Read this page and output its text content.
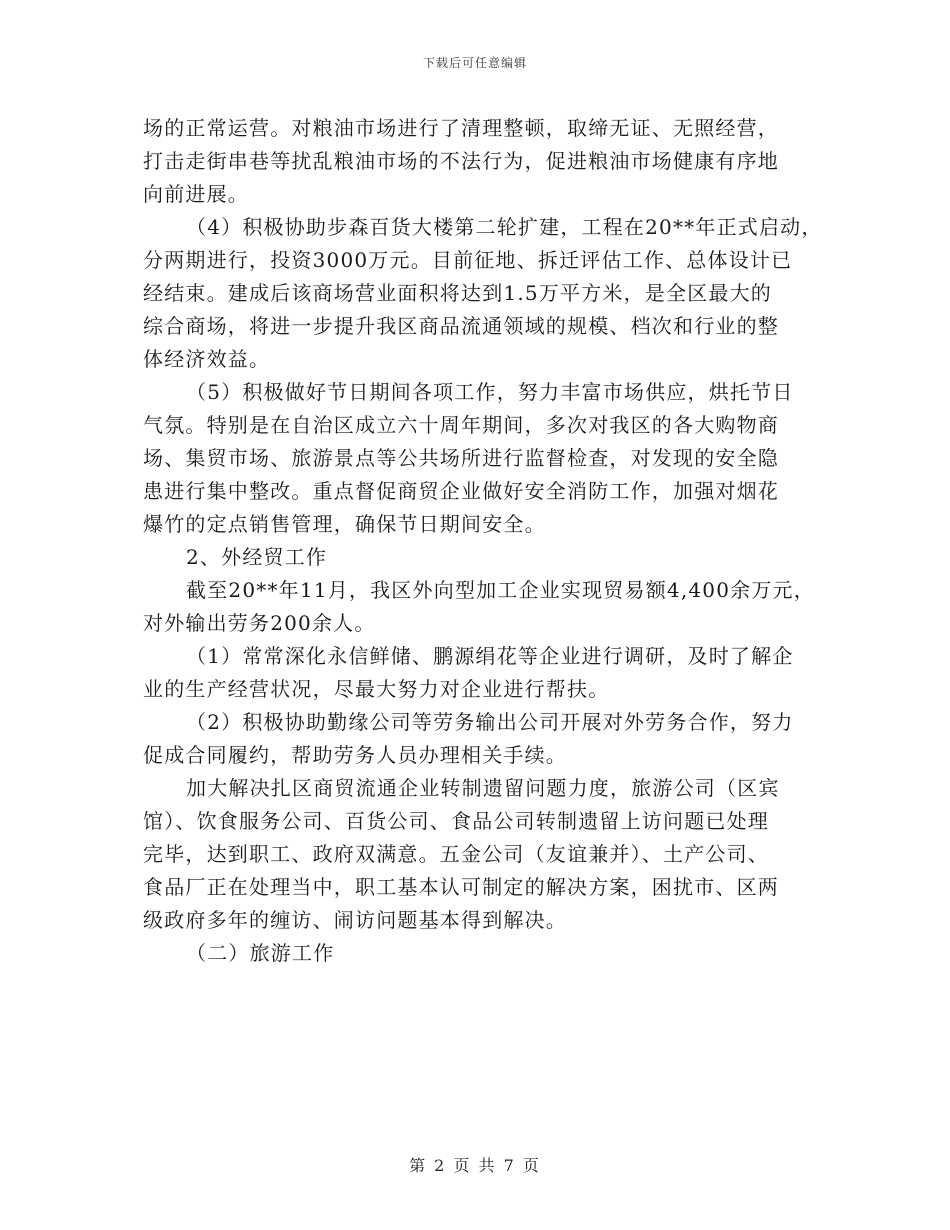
下载后可任意编辑
场的正常运营。对粮油市场进行了清理整顿，取缔无证、无照经营，
打击走街串巷等扰乱粮油市场的不法行为，促进粮油市场健康有序地
向前进展。
（4）积极协助步森百货大楼第二轮扩建，工程在20**年正式启动，
分两期进行，投资3000万元。目前征地、拆迁评估工作、总体设计已
经结束。建成后该商场营业面积将达到1.5万平方米，是全区最大的
综合商场，将进一步提升我区商品流通领域的规模、档次和行业的整
体经济效益。
（5）积极做好节日期间各项工作，努力丰富市场供应，烘托节日
气氛。特别是在自治区成立六十周年期间，多次对我区的各大购物商
场、集贸市场、旅游景点等公共场所进行监督检查，对发现的安全隐
患进行集中整改。重点督促商贸企业做好安全消防工作，加强对烟花
爆竹的定点销售管理，确保节日期间安全。
2、外经贸工作
截至20**年11月，我区外向型加工企业实现贸易额4,400余万元，
对外输出劳务200余人。
（1）常常深化永信鲜储、鹏源绢花等企业进行调研，及时了解企
业的生产经营状况，尽最大努力对企业进行帮扶。
（2）积极协助勤缘公司等劳务输出公司开展对外劳务合作，努力
促成合同履约，帮助劳务人员办理相关手续。
加大解决扎区商贸流通企业转制遗留问题力度，旅游公司（区宾
馆）、饮食服务公司、百货公司、食品公司转制遗留上访问题已处理
完毕，达到职工、政府双满意。五金公司（友谊兼并）、土产公司、
食品厂正在处理当中，职工基本认可制定的解决方案，困扰市、区两
级政府多年的缠访、闹访问题基本得到解决。
（二）旅游工作
第 2 页 共 7 页
